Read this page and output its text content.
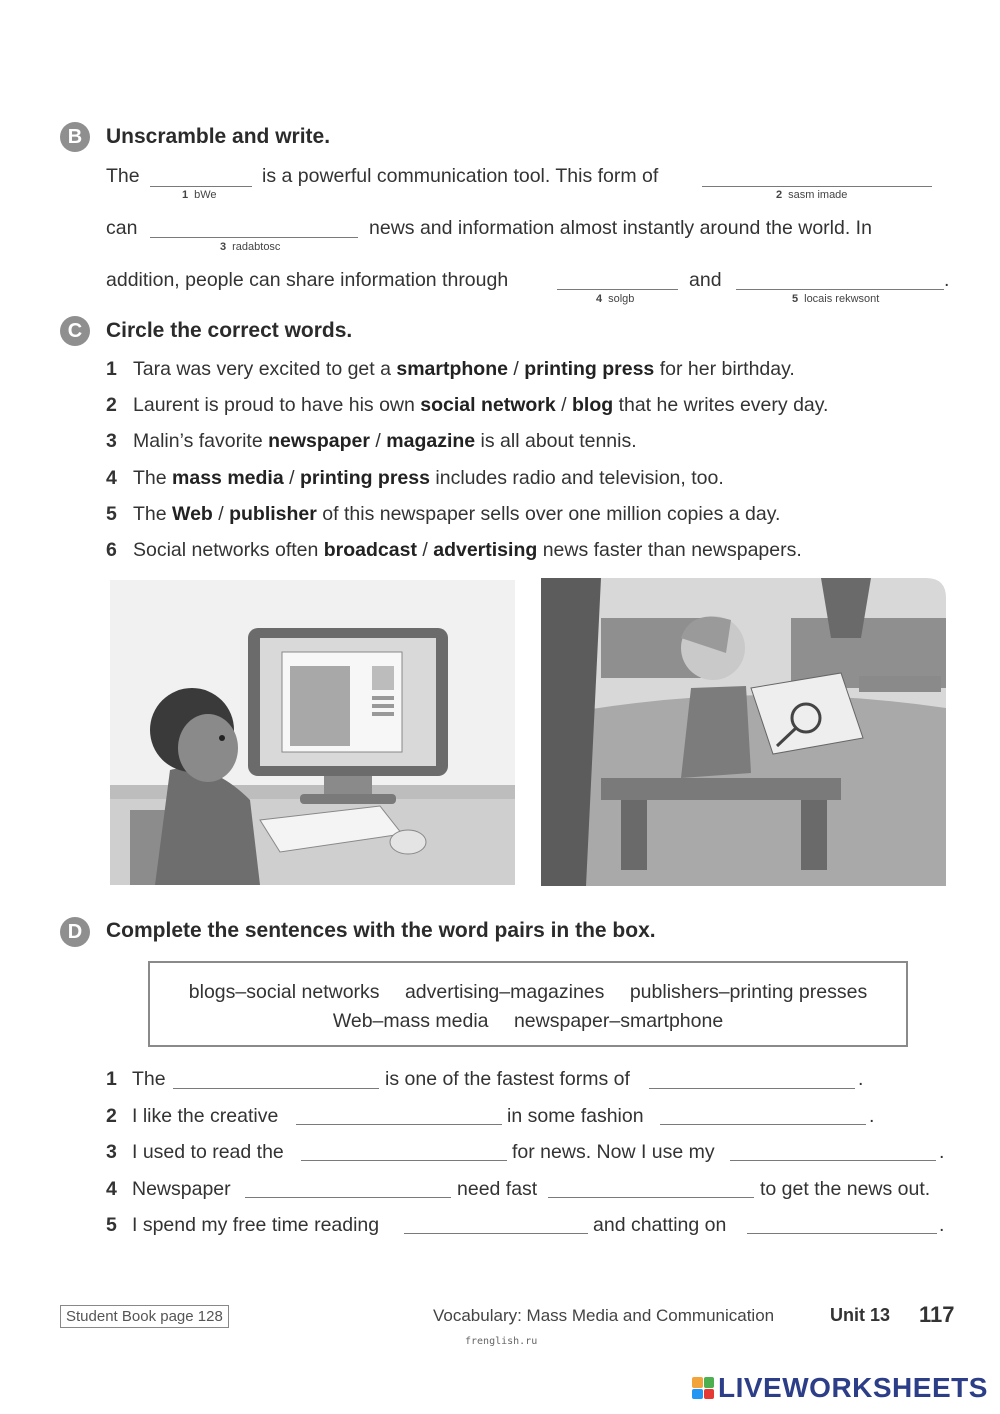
B	Unscramble and write.
The
1 bWe
is a powerful communication tool. This form of
2 sasm imade
can
3 radabtosc
news and information almost instantly around the world. In
addition, people can share information through
4 solgb
and
5 locais rekwsont
.
C	Circle the correct words.
1 Tara was very excited to get a smartphone / printing press for her birthday.
2 Laurent is proud to have his own social network / blog that he writes every day.
3 Malin’s favorite newspaper / magazine is all about tennis.
4 The mass media / printing press includes radio and television, too.
5 The Web / publisher of this newspaper sells over one million copies a day.
6 Social networks often broadcast / advertising news faster than newspapers.
D	Complete the sentences with the word pairs in the box.
blogs–social networks advertising–magazines publishers–printing presses
Web–mass media newspaper–smartphone
1 The	is one of the fastest forms of	.
2 I like the creative	in some fashion	.
3 I used to read the	for news. Now I use my	.
4 Newspaper	need fast	to get the news out.
5 I spend my free time reading	and chatting on	.
Student Book page 128	Vocabulary: Mass Media and Communication	Unit 13 117
frenglish.ru
LIVEWORKSHEETS
